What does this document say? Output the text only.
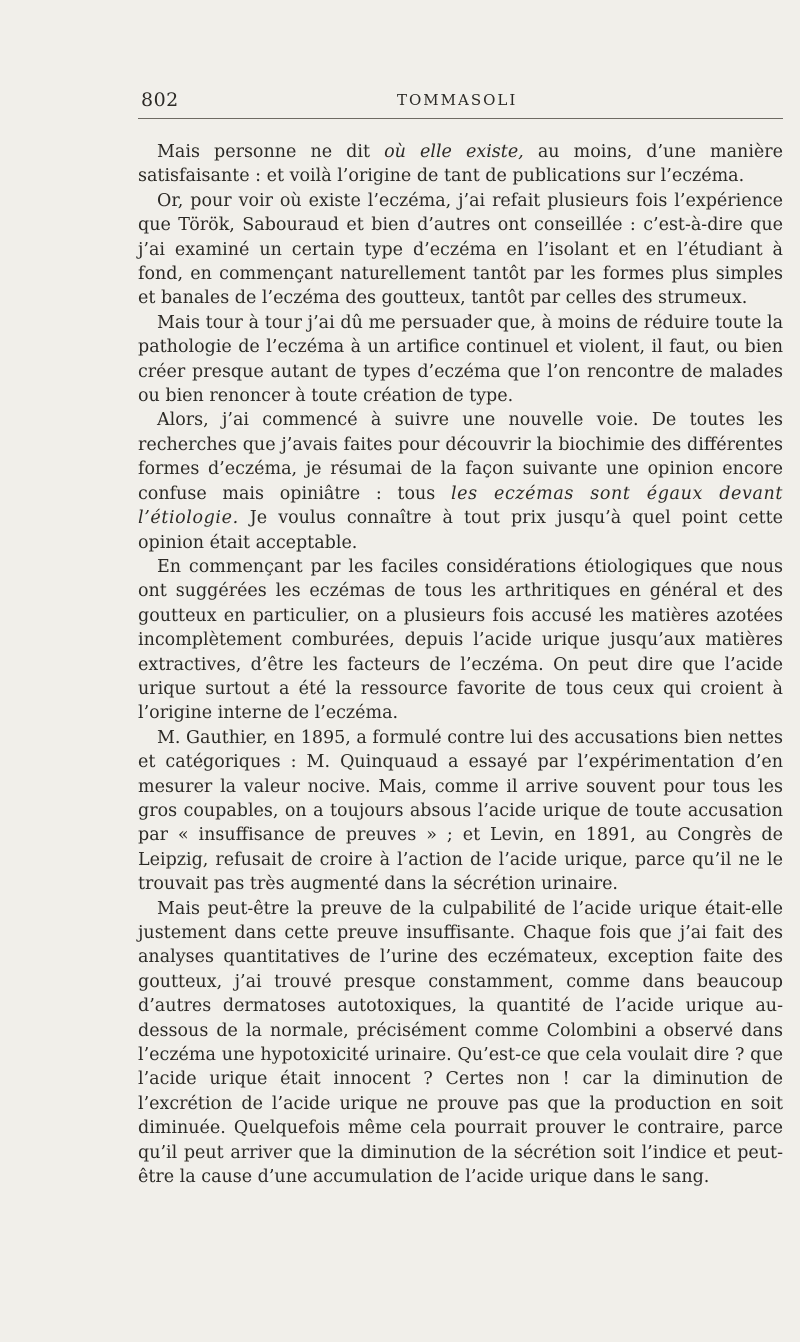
802	TOMMASOLI

Mais personne ne dit où elle existe, au moins, d’une manière satisfaisante : et voilà l’origine de tant de publications sur l’eczéma.

Or, pour voir où existe l’eczéma, j’ai refait plusieurs fois l’expérience que Török, Sabouraud et bien d’autres ont conseillée : c’est-à-dire que j’ai examiné un certain type d’eczéma en l’isolant et en l’étudiant à fond, en commençant naturellement tantôt par les formes plus simples et banales de l’eczéma des goutteux, tantôt par celles des strumeux.

Mais tour à tour j’ai dû me persuader que, à moins de réduire toute la pathologie de l’eczéma à un artifice continuel et violent, il faut, ou bien créer presque autant de types d’eczéma que l’on rencontre de malades ou bien renoncer à toute création de type.

Alors, j’ai commencé à suivre une nouvelle voie. De toutes les recherches que j’avais faites pour découvrir la biochimie des différentes formes d’eczéma, je résumai de la façon suivante une opinion encore confuse mais opiniâtre : tous les eczémas sont égaux devant l’étiologie. Je voulus connaître à tout prix jusqu’à quel point cette opinion était acceptable.

En commençant par les faciles considérations étiologiques que nous ont suggérées les eczémas de tous les arthritiques en général et des goutteux en particulier, on a plusieurs fois accusé les matières azotées incomplètement comburées, depuis l’acide urique jusqu’aux matières extractives, d’être les facteurs de l’eczéma. On peut dire que l’acide urique surtout a été la ressource favorite de tous ceux qui croient à l’origine interne de l’eczéma.

M. Gauthier, en 1895, a formulé contre lui des accusations bien nettes et catégoriques : M. Quinquaud a essayé par l’expérimentation d’en mesurer la valeur nocive. Mais, comme il arrive souvent pour tous les gros coupables, on a toujours absous l’acide urique de toute accusation par « insuffisance de preuves » ; et Levin, en 1891, au Congrès de Leipzig, refusait de croire à l’action de l’acide urique, parce qu’il ne le trouvait pas très augmenté dans la sécrétion urinaire.

Mais peut-être la preuve de la culpabilité de l’acide urique était-elle justement dans cette preuve insuffisante. Chaque fois que j’ai fait des analyses quantitatives de l’urine des eczémateux, exception faite des goutteux, j’ai trouvé presque constamment, comme dans beaucoup d’autres dermatoses autotoxiques, la quantité de l’acide urique au-dessous de la normale, précisément comme Colombini a observé dans l’eczéma une hypotoxicité urinaire. Qu’est-ce que cela voulait dire ? que l’acide urique était innocent ? Certes non ! car la diminution de l’excrétion de l’acide urique ne prouve pas que la production en soit diminuée. Quelquefois même cela pourrait prouver le contraire, parce qu’il peut arriver que la diminution de la sécrétion soit l’indice et peut-être la cause d’une accumulation de l’acide urique dans le sang.
